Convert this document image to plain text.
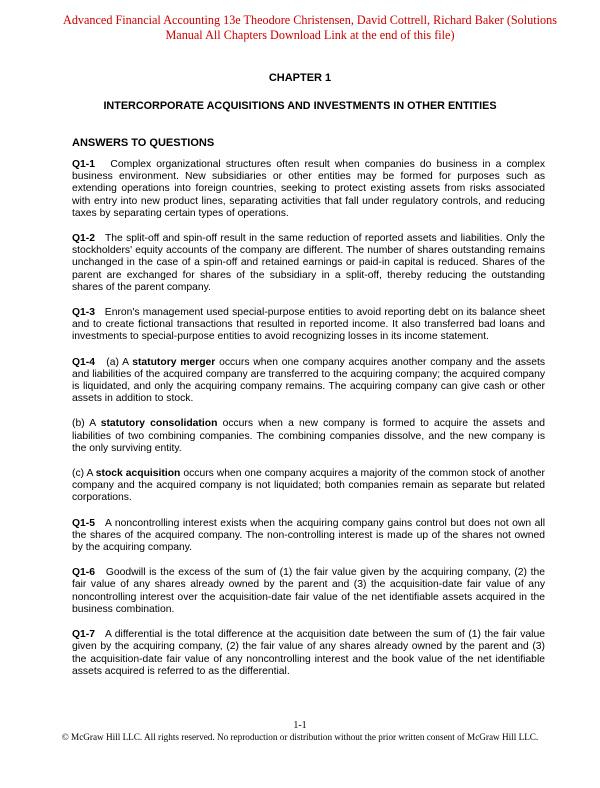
Advanced Financial Accounting 13e Theodore Christensen, David Cottrell, Richard Baker (Solutions
Manual All Chapters Download Link at the end of this file)
CHAPTER 1
INTERCORPORATE ACQUISITIONS AND INVESTMENTS IN OTHER ENTITIES
ANSWERS TO QUESTIONS

Q1-1 Complex organizational structures often result when companies do business in a complex business environment. New subsidiaries or other entities may be formed for purposes such as extending operations into foreign countries, seeking to protect existing assets from risks associated with entry into new product lines, separating activities that fall under regulatory controls, and reducing taxes by separating certain types of operations.

Q1-2 The split-off and spin-off result in the same reduction of reported assets and liabilities. Only the stockholders' equity accounts of the company are different. The number of shares outstanding remains unchanged in the case of a spin-off and retained earnings or paid-in capital is reduced. Shares of the parent are exchanged for shares of the subsidiary in a split-off, thereby reducing the outstanding shares of the parent company.

Q1-3 Enron's management used special-purpose entities to avoid reporting debt on its balance sheet and to create fictional transactions that resulted in reported income. It also transferred bad loans and investments to special-purpose entities to avoid recognizing losses in its income statement.

Q1-4 (a) A statutory merger occurs when one company acquires another company and the assets and liabilities of the acquired company are transferred to the acquiring company; the acquired company is liquidated, and only the acquiring company remains. The acquiring company can give cash or other assets in addition to stock.

(b) A statutory consolidation occurs when a new company is formed to acquire the assets and liabilities of two combining companies. The combining companies dissolve, and the new company is the only surviving entity.

(c) A stock acquisition occurs when one company acquires a majority of the common stock of another company and the acquired company is not liquidated; both companies remain as separate but related corporations.

Q1-5 A noncontrolling interest exists when the acquiring company gains control but does not own all the shares of the acquired company. The non-controlling interest is made up of the shares not owned by the acquiring company.

Q1-6 Goodwill is the excess of the sum of (1) the fair value given by the acquiring company, (2) the fair value of any shares already owned by the parent and (3) the acquisition-date fair value of any noncontrolling interest over the acquisition-date fair value of the net identifiable assets acquired in the business combination.

Q1-7 A differential is the total difference at the acquisition date between the sum of (1) the fair value given by the acquiring company, (2) the fair value of any shares already owned by the parent and (3) the acquisition-date fair value of any noncontrolling interest and the book value of the net identifiable assets acquired is referred to as the differential.

1-1
© McGraw Hill LLC. All rights reserved. No reproduction or distribution without the prior written consent of McGraw Hill LLC.
